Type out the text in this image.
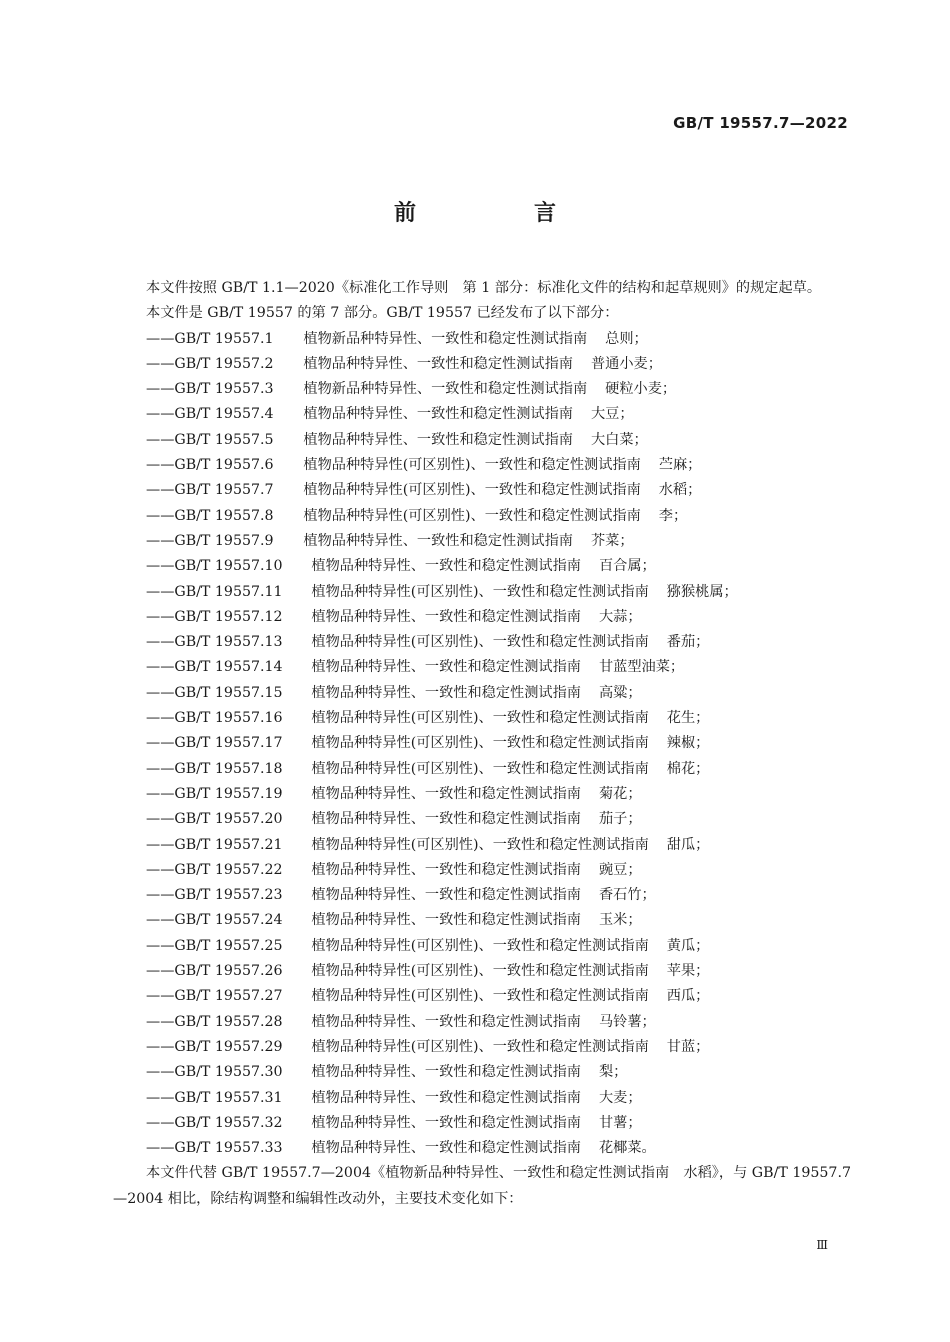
GB/T 19557.7—2022
前　言

本文件按照 GB/T 1.1—2020《标准化工作导则　第 1 部分：标准化文件的结构和起草规则》的规定起草。

本文件是 GB/T 19557 的第 7 部分。GB/T 19557 已经发布了以下部分：

——GB/T 19557.1 植物新品种特异性、一致性和稳定性测试指南 总则；
——GB/T 19557.2 植物品种特异性、一致性和稳定性测试指南 普通小麦；
——GB/T 19557.3 植物新品种特异性、一致性和稳定性测试指南 硬粒小麦；
——GB/T 19557.4 植物品种特异性、一致性和稳定性测试指南 大豆；
——GB/T 19557.5 植物品种特异性、一致性和稳定性测试指南 大白菜；
——GB/T 19557.6 植物品种特异性(可区别性)、一致性和稳定性测试指南 苎麻；
——GB/T 19557.7 植物品种特异性(可区别性)、一致性和稳定性测试指南 水稻；
——GB/T 19557.8 植物品种特异性(可区别性)、一致性和稳定性测试指南 李；
——GB/T 19557.9 植物品种特异性、一致性和稳定性测试指南 芥菜；
——GB/T 19557.10 植物品种特异性、一致性和稳定性测试指南 百合属；
——GB/T 19557.11 植物品种特异性(可区别性)、一致性和稳定性测试指南 猕猴桃属；
——GB/T 19557.12 植物品种特异性、一致性和稳定性测试指南 大蒜；
——GB/T 19557.13 植物品种特异性(可区别性)、一致性和稳定性测试指南 番茄；
——GB/T 19557.14 植物品种特异性、一致性和稳定性测试指南 甘蓝型油菜；
——GB/T 19557.15 植物品种特异性、一致性和稳定性测试指南 高粱；
——GB/T 19557.16 植物品种特异性(可区别性)、一致性和稳定性测试指南 花生；
——GB/T 19557.17 植物品种特异性(可区别性)、一致性和稳定性测试指南 辣椒；
——GB/T 19557.18 植物品种特异性(可区别性)、一致性和稳定性测试指南 棉花；
——GB/T 19557.19 植物品种特异性、一致性和稳定性测试指南 菊花；
——GB/T 19557.20 植物品种特异性、一致性和稳定性测试指南 茄子；
——GB/T 19557.21 植物品种特异性(可区别性)、一致性和稳定性测试指南 甜瓜；
——GB/T 19557.22 植物品种特异性、一致性和稳定性测试指南 豌豆；
——GB/T 19557.23 植物品种特异性、一致性和稳定性测试指南 香石竹；
——GB/T 19557.24 植物品种特异性、一致性和稳定性测试指南 玉米；
——GB/T 19557.25 植物品种特异性(可区别性)、一致性和稳定性测试指南 黄瓜；
——GB/T 19557.26 植物品种特异性(可区别性)、一致性和稳定性测试指南 苹果；
——GB/T 19557.27 植物品种特异性(可区别性)、一致性和稳定性测试指南 西瓜；
——GB/T 19557.28 植物品种特异性、一致性和稳定性测试指南 马铃薯；
——GB/T 19557.29 植物品种特异性(可区别性)、一致性和稳定性测试指南 甘蓝；
——GB/T 19557.30 植物品种特异性、一致性和稳定性测试指南 梨；
——GB/T 19557.31 植物品种特异性、一致性和稳定性测试指南 大麦；
——GB/T 19557.32 植物品种特异性、一致性和稳定性测试指南 甘薯；
——GB/T 19557.33 植物品种特异性、一致性和稳定性测试指南 花椰菜。

本文件代替 GB/T 19557.7—2004《植物新品种特异性、一致性和稳定性测试指南　水稻》，与 GB/T 19557.7—2004 相比，除结构调整和编辑性改动外，主要技术变化如下：

Ⅲ
